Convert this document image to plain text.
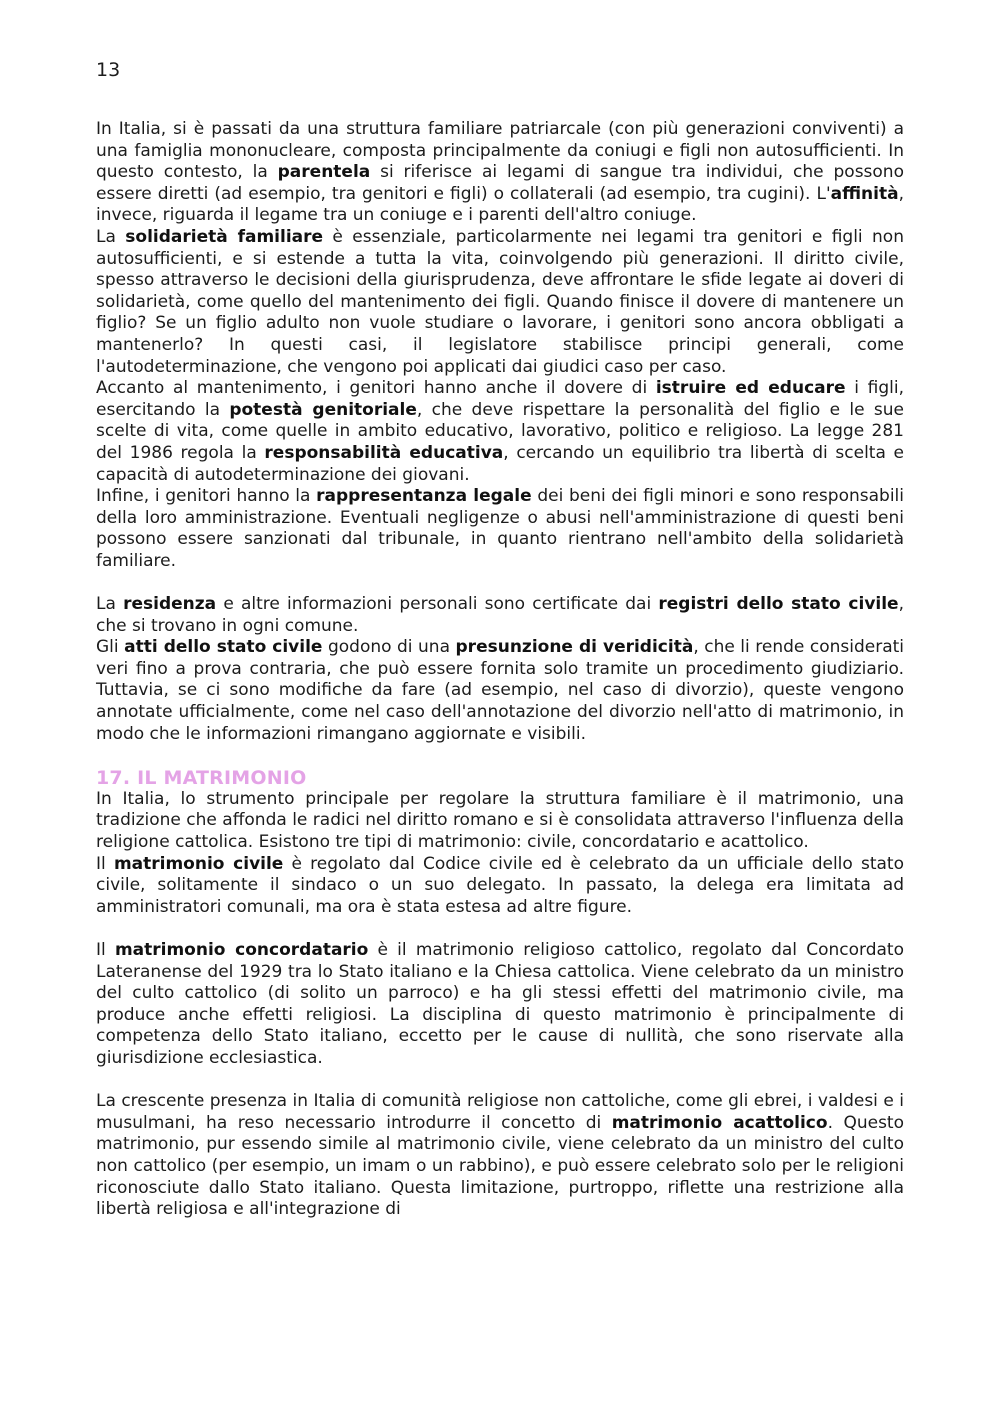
13

In Italia, si è passati da una struttura familiare patriarcale (con più generazioni conviventi) a una famiglia mononucleare, composta principalmente da coniugi e figli non autosufficienti. In questo contesto, la parentela si riferisce ai legami di sangue tra individui, che possono essere diretti (ad esempio, tra genitori e figli) o collaterali (ad esempio, tra cugini). L'affinità, invece, riguarda il legame tra un coniuge e i parenti dell'altro coniuge.

La solidarietà familiare è essenziale, particolarmente nei legami tra genitori e figli non autosufficienti, e si estende a tutta la vita, coinvolgendo più generazioni. Il diritto civile, spesso attraverso le decisioni della giurisprudenza, deve affrontare le sfide legate ai doveri di solidarietà, come quello del mantenimento dei figli. Quando finisce il dovere di mantenere un figlio? Se un figlio adulto non vuole studiare o lavorare, i genitori sono ancora obbligati a mantenerlo? In questi casi, il legislatore stabilisce principi generali, come l'autodeterminazione, che vengono poi applicati dai giudici caso per caso.

Accanto al mantenimento, i genitori hanno anche il dovere di istruire ed educare i figli, esercitando la potestà genitoriale, che deve rispettare la personalità del figlio e le sue scelte di vita, come quelle in ambito educativo, lavorativo, politico e religioso. La legge 281 del 1986 regola la responsabilità educativa, cercando un equilibrio tra libertà di scelta e capacità di autodeterminazione dei giovani.

Infine, i genitori hanno la rappresentanza legale dei beni dei figli minori e sono responsabili della loro amministrazione. Eventuali negligenze o abusi nell'amministrazione di questi beni possono essere sanzionati dal tribunale, in quanto rientrano nell'ambito della solidarietà familiare.

La residenza e altre informazioni personali sono certificate dai registri dello stato civile, che si trovano in ogni comune.

Gli atti dello stato civile godono di una presunzione di veridicità, che li rende considerati veri fino a prova contraria, che può essere fornita solo tramite un procedimento giudiziario. Tuttavia, se ci sono modifiche da fare (ad esempio, nel caso di divorzio), queste vengono annotate ufficialmente, come nel caso dell'annotazione del divorzio nell'atto di matrimonio, in modo che le informazioni rimangano aggiornate e visibili.

17. IL MATRIMONIO

In Italia, lo strumento principale per regolare la struttura familiare è il matrimonio, una tradizione che affonda le radici nel diritto romano e si è consolidata attraverso l'influenza della religione cattolica. Esistono tre tipi di matrimonio: civile, concordatario e acattolico.

Il matrimonio civile è regolato dal Codice civile ed è celebrato da un ufficiale dello stato civile, solitamente il sindaco o un suo delegato. In passato, la delega era limitata ad amministratori comunali, ma ora è stata estesa ad altre figure.

Il matrimonio concordatario è il matrimonio religioso cattolico, regolato dal Concordato Lateranense del 1929 tra lo Stato italiano e la Chiesa cattolica. Viene celebrato da un ministro del culto cattolico (di solito un parroco) e ha gli stessi effetti del matrimonio civile, ma produce anche effetti religiosi. La disciplina di questo matrimonio è principalmente di competenza dello Stato italiano, eccetto per le cause di nullità, che sono riservate alla giurisdizione ecclesiastica.

La crescente presenza in Italia di comunità religiose non cattoliche, come gli ebrei, i valdesi e i musulmani, ha reso necessario introdurre il concetto di matrimonio acattolico. Questo matrimonio, pur essendo simile al matrimonio civile, viene celebrato da un ministro del culto non cattolico (per esempio, un imam o un rabbino), e può essere celebrato solo per le religioni riconosciute dallo Stato italiano. Questa limitazione, purtroppo, riflette una restrizione alla libertà religiosa e all'integrazione di
